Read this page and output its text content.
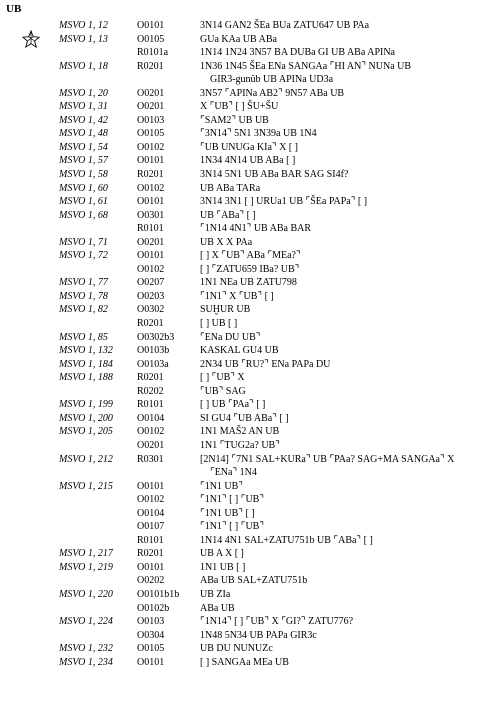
UB
MSVO 1, 12	O0101	3N14 GAN2 ŠEa BUa ZATU647 UB PAa
MSVO 1, 13	O0105	GUa KAa UB ABa
R0101a	1N14 1N24 3N57 BA DUBa GI UB ABa APINa
MSVO 1, 18	R0201	1N36 1N45 ŠEa ENa SANGAa ⌜HI AN⌝ NUNa UB
GIR3-gunûb UB APINa UD3a
MSVO 1, 20	O0201	3N57 ⌜APINa AB2⌝ 9N57 ABa UB
MSVO 1, 31	O0201	X ⌜UB⌝ [ ] ŠU+ŠU
MSVO 1, 42	O0103	⌜SAM2⌝ UB UB
MSVO 1, 48	O0105	⌜3N14⌝ 5N1 3N39a UB 1N4
MSVO 1, 54	O0102	⌜UB UNUGa KIa⌝ X [ ]
MSVO 1, 57	O0101	1N34 4N14 UB ABa [ ]
MSVO 1, 58	R0201	3N14 5N1 UB ABa BAR SAG SI4f?
MSVO 1, 60	O0102	UB ABa TARa
MSVO 1, 61	O0101	3N14 3N1 [ ] URUa1 UB ⌜ŠEa PAPa⌝ [ ]
MSVO 1, 68	O0301	UB ⌜ABa⌝ [ ]
R0101	⌜1N14 4N1⌝ UB ABa BAR
MSVO 1, 71	O0201	UB X X PAa
MSVO 1, 72	O0101	[ ] X ⌜UB⌝ ABa ⌜MEa?⌝
O0102	[ ] ⌜ZATU659 IBa? UB⌝
MSVO 1, 77	O0207	1N1 NEa UB ZATU798
MSVO 1, 78	O0203	⌜1N1⌝ X ⌜UB⌝ [ ]
MSVO 1, 82	O0302	SUḪUR UB
R0201	[ ] UB [ ]
MSVO 1, 85	O0302b3	⌜ENa DU UB⌝
MSVO 1, 132 O0103b	KASKAL GU4 UB
MSVO 1, 184 O0103a	2N34 UB ⌜RU?⌝ ENa PAPa DU
MSVO 1, 188 R0201	[ ] ⌜UB⌝ X
R0202	⌜UB⌝ SAG
MSVO 1, 199 R0101	[ ] UB ⌜PAa⌝ [ ]
MSVO 1, 200 O0104	SI GU4 ⌜UB ABa⌝ [ ]
MSVO 1, 205 O0102	1N1 MAŠ2 AN UB
O0201	1N1 ⌜TUG2a? UB⌝
MSVO 1, 212 R0301	[2N14] ⌜7N1 SAL+KURa⌝ UB ⌜PAa? SAG+MA SANGAa⌝ X
⌜ENa⌝ 1N4
MSVO 1, 215 O0101	⌜1N1 UB⌝
O0102	⌜1N1⌝ [ ] ⌜UB⌝
O0104	⌜1N1 UB⌝ [ ]
O0107	⌜1N1⌝ [ ] ⌜UB⌝
R0101	1N14 4N1 SAL+ZATU751b UB ⌜ABa⌝ [ ]
MSVO 1, 217 R0201	UB A X [ ]
MSVO 1, 219 O0101	1N1 UB [ ]
O0202	ABa UB SAL+ZATU751b
MSVO 1, 220 O0101b1b UB ZIa
O0102b	ABa UB
MSVO 1, 224 O0103	⌜1N14⌝ [ ] ⌜UB⌝ X ⌜GI?⌝ ZATU776?
O0304	1N48 5N34 UB PAPa GIR3c
MSVO 1, 232 O0105	UB DU NUNUZc
MSVO 1, 234 O0101	[ ] SANGAa MEa UB
